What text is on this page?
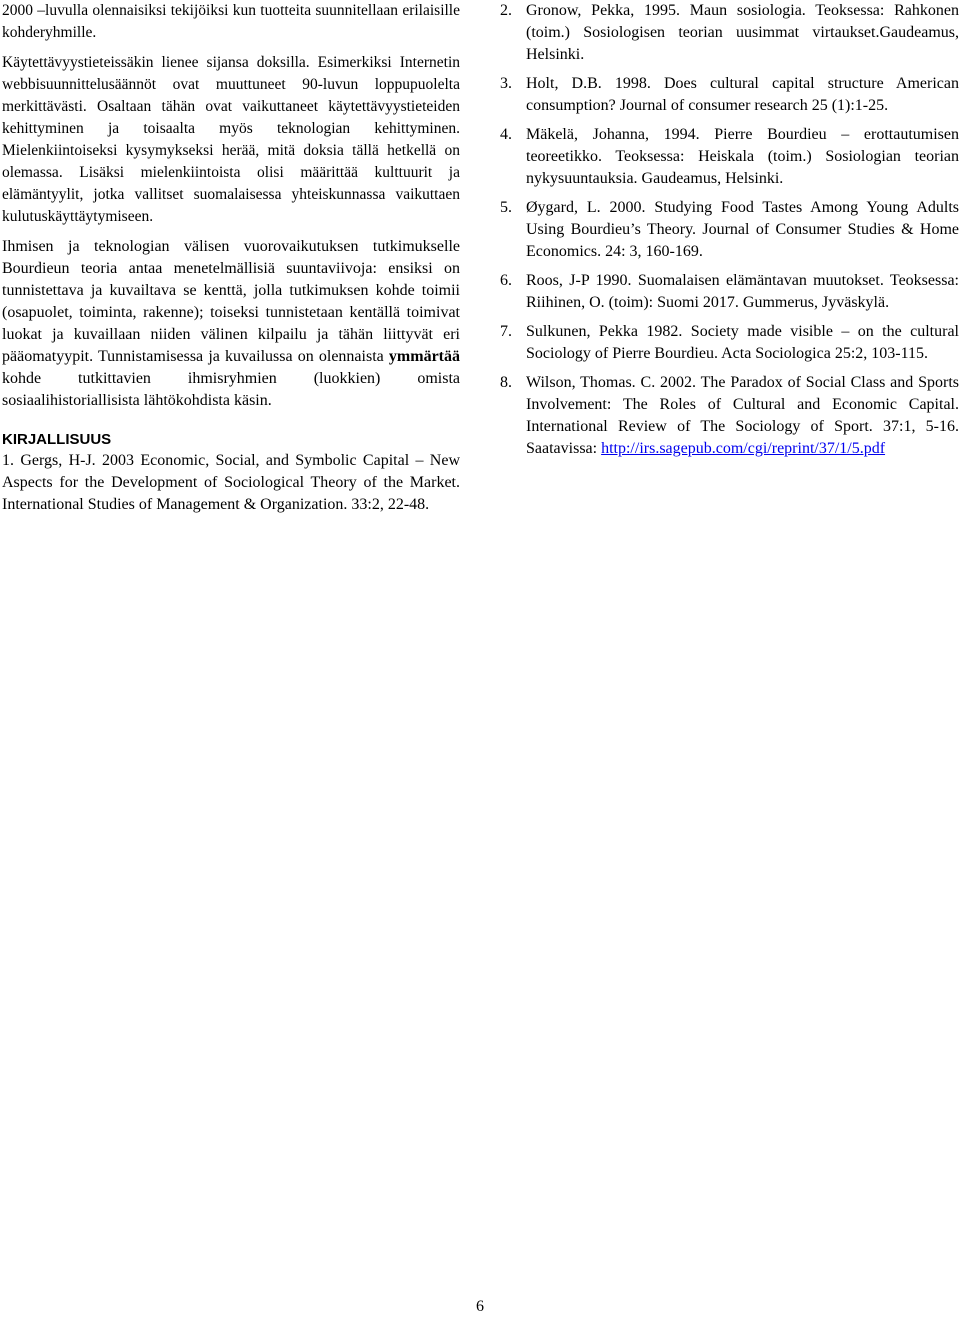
2000 –luvulla olennaisiksi tekijöiksi kun tuotteita suunnitellaan erilaisille kohderyhmille.

Käytettävyystieteissäkin lienee sijansa doksilla. Esimerkiksi Internetin webbisuunnittelusäännöt ovat muuttuneet 90-luvun loppupuolelta merkittävästi. Osaltaan tähän ovat vaikuttaneet käytettävyystieteiden kehittyminen ja toisaalta myös teknologian kehittyminen. Mielenkiintoiseksi kysymykseksi herää, mitä doksia tällä hetkellä on olemassa. Lisäksi mielenkiintoista olisi määrittää kulttuurit ja elämäntyylit, jotka vallitset suomalaisessa yhteiskunnassa vaikuttaen kulutuskäyttäytymiseen.

Ihmisen ja teknologian välisen vuorovaikutuksen tutkimukselle Bourdieun teoria antaa menetelmällisiä suuntaviivoja: ensiksi on tunnistettava ja kuvailtava se kenttä, jolla tutkimuksen kohde toimii (osapuolet, toiminta, rakenne); toiseksi tunnistetaan kentällä toimivat luokat ja kuvaillaan niiden välinen kilpailu ja tähän liittyvät eri pääomatyypit. Tunnistamisessa ja kuvailussa on olennaista ymmärtää kohde tutkittavien ihmisryhmien (luokkien) omista sosiaalihistoriallisista lähtökohdista käsin.

KIRJALLISUUS
1. Gergs, H-J. 2003 Economic, Social, and Symbolic Capital – New Aspects for the Development of Sociological Theory of the Market. International Studies of Management & Organization. 33:2, 22-48.
2. Gronow, Pekka, 1995. Maun sosiologia. Teoksessa: Rahkonen (toim.) Sosiologisen teorian uusimmat virtaukset.Gaudeamus, Helsinki.
3. Holt, D.B. 1998. Does cultural capital structure American consumption? Journal of consumer research 25 (1):1-25.
4. Mäkelä, Johanna, 1994. Pierre Bourdieu – erottautumisen teoreetikko. Teoksessa: Heiskala (toim.) Sosiologian teorian nykysuuntauksia. Gaudeamus, Helsinki.
5. Øygard, L. 2000. Studying Food Tastes Among Young Adults Using Bourdieu’s Theory. Journal of Consumer Studies & Home Economics. 24: 3, 160-169.
6. Roos, J-P 1990. Suomalaisen elämäntavan muutokset. Teoksessa: Riihinen, O. (toim): Suomi 2017. Gummerus, Jyväskylä.
7. Sulkunen, Pekka 1982. Society made visible – on the cultural Sociology of Pierre Bourdieu. Acta Sociologica 25:2, 103-115.
8. Wilson, Thomas. C. 2002. The Paradox of Social Class and Sports Involvement: The Roles of Cultural and Economic Capital. International Review of The Sociology of Sport. 37:1, 5-16. Saatavissa: http://irs.sagepub.com/cgi/reprint/37/1/5.pdf
6
